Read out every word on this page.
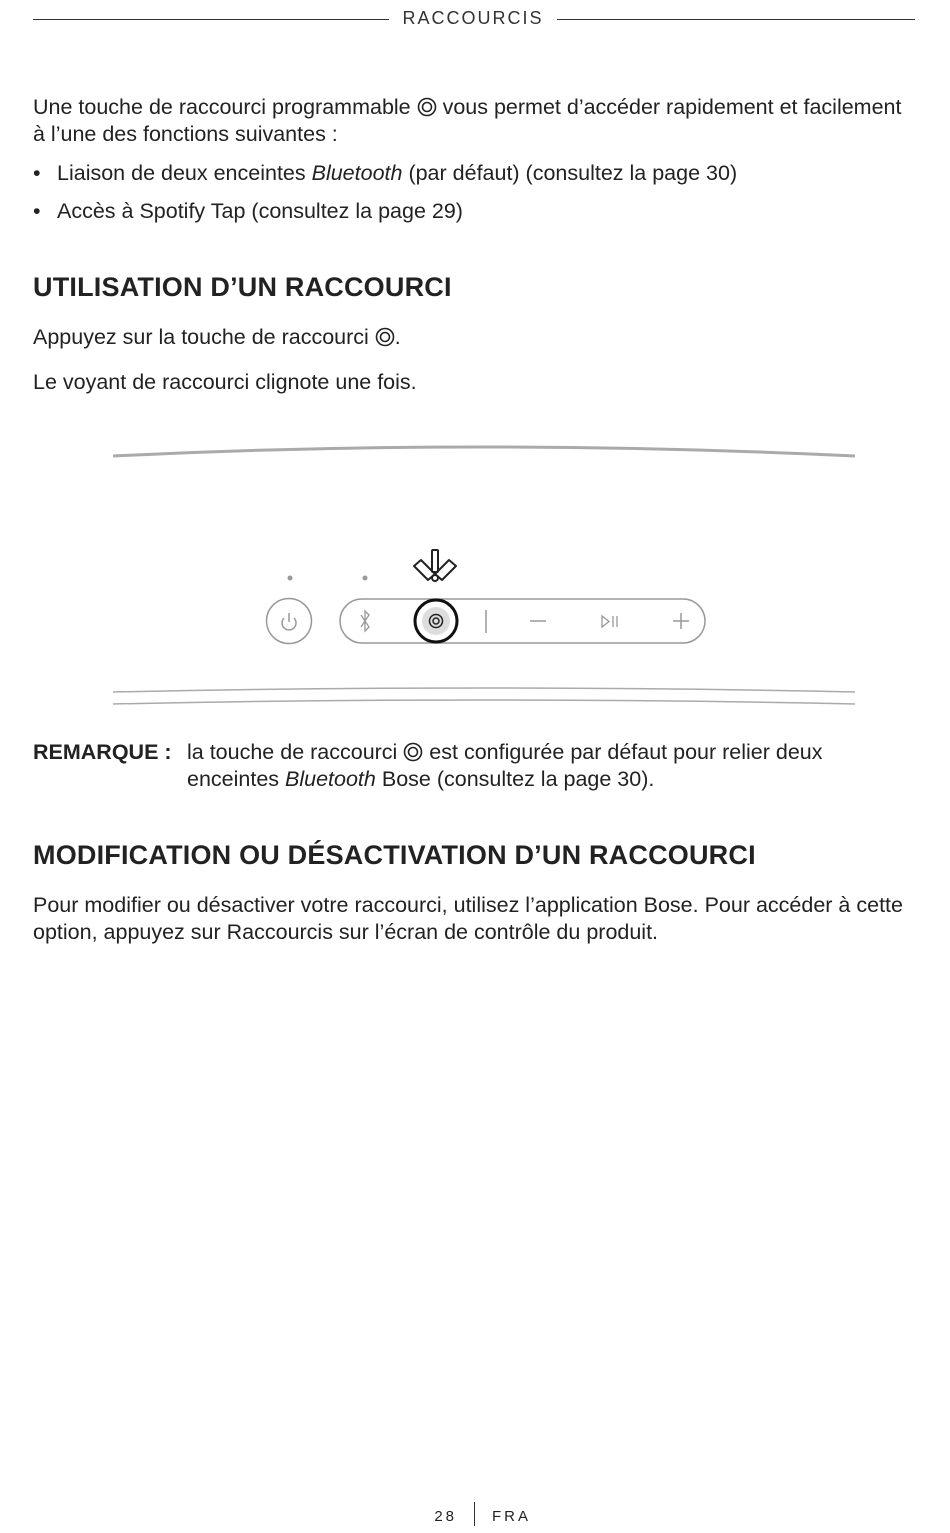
RACCOURCIS
Une touche de raccourci programmable  vous permet d’accéder rapidement et facilement à l’une des fonctions suivantes :
• Liaison de deux enceintes Bluetooth (par défaut) (consultez la page 30)
• Accès à Spotify Tap (consultez la page 29)
UTILISATION D’UN RACCOURCI
Appuyez sur la touche de raccourci .
Le voyant de raccourci clignote une fois.
REMARQUE : la touche de raccourci  est configurée par défaut pour relier deux enceintes Bluetooth Bose (consultez la page 30).
MODIFICATION OU DÉSACTIVATION D’UN RACCOURCI
Pour modifier ou désactiver votre raccourci, utilisez l’application Bose. Pour accéder à cette option, appuyez sur Raccourcis sur l’écran de contrôle du produit.
28 FRA
